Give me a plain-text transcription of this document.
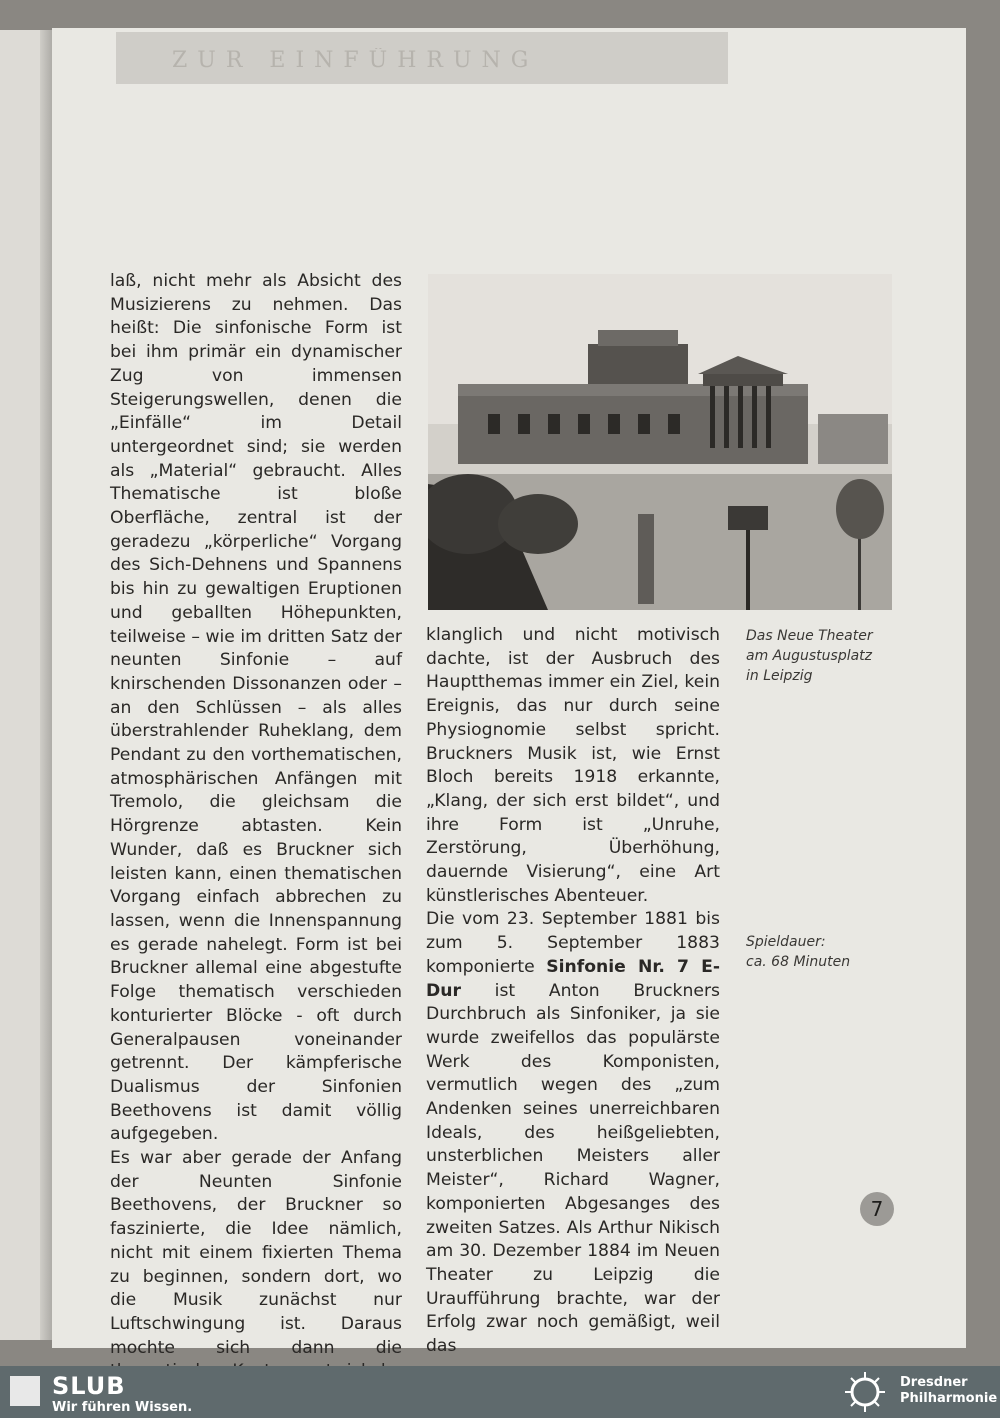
ZUR EINFÜHRUNG

laß, nicht mehr als Absicht des Musizierens zu nehmen. Das heißt: Die sinfonische Form ist bei ihm primär ein dynamischer Zug von immensen Steigerungswellen, denen die „Einfälle“ im Detail untergeordnet sind; sie werden als „Material“ gebraucht. Alles Thematische ist bloße Oberfläche, zentral ist der geradezu „körperliche“ Vorgang des Sich-Dehnens und Spannens bis hin zu gewaltigen Eruptionen und geballten Höhepunkten, teilweise – wie im dritten Satz der neunten Sinfonie – auf knirschenden Dissonanzen oder – an den Schlüssen – als alles überstrahlender Ruheklang, dem Pendant zu den vorthematischen, atmosphärischen Anfängen mit Tremolo, die gleichsam die Hörgrenze abtasten. Kein Wunder, daß es Bruckner sich leisten kann, einen thematischen Vorgang einfach abbrechen zu lassen, wenn die Innenspannung es gerade nahelegt. Form ist bei Bruckner allemal eine abgestufte Folge thematisch verschieden konturierter Blöcke - oft durch Generalpausen voneinander getrennt. Der kämpferische Dualismus der Sinfonien Beethovens ist damit völlig aufgegeben.

Es war aber gerade der Anfang der Neunten Sinfonie Beethovens, der Bruckner so faszinierte, die Idee nämlich, nicht mit einem fixierten Thema zu beginnen, sondern dort, wo die Musik zunächst nur Luftschwingung ist. Daraus mochte sich dann die

Das Neue Theater
am Augustusplatz
in Leipzig

klanglich und nicht motivisch dachte, ist der Ausbruch des Hauptthemas immer ein Ziel, kein Ereignis, das nur durch seine Physiognomie selbst spricht. Bruckners Musik ist, wie Ernst Bloch bereits 1918 erkannte, „Klang, der sich erst bildet“, und ihre Form ist „Unruhe, Zerstörung, Überhöhung, dauernde Visierung“, eine Art künstlerisches Abenteuer.

Die vom 23. September 1881 bis zum 5. September 1883 komponierte Sinfonie Nr. 7 E-Dur ist Anton Bruckners Durchbruch als Sinfoniker, ja sie wurde zweifellos das populärste Werk des Komponisten, vermutlich wegen des „zum Andenken seines unerreichbaren Ideals, des heißgeliebten, unsterblichen Meisters aller Meister“, Richard Wagner, komponierten Abgesanges des zweiten Satzes. Als Arthur Nikisch am 30. Dezember 1884 im Neuen Theater zu Leipzig die Uraufführung brachte, war der Erfolg zwar noch gemäßigt, weil das

Spieldauer:
ca. 68 Minuten
7
SLUB
Wir führen Wissen.
Dresdner
Philharmonie
